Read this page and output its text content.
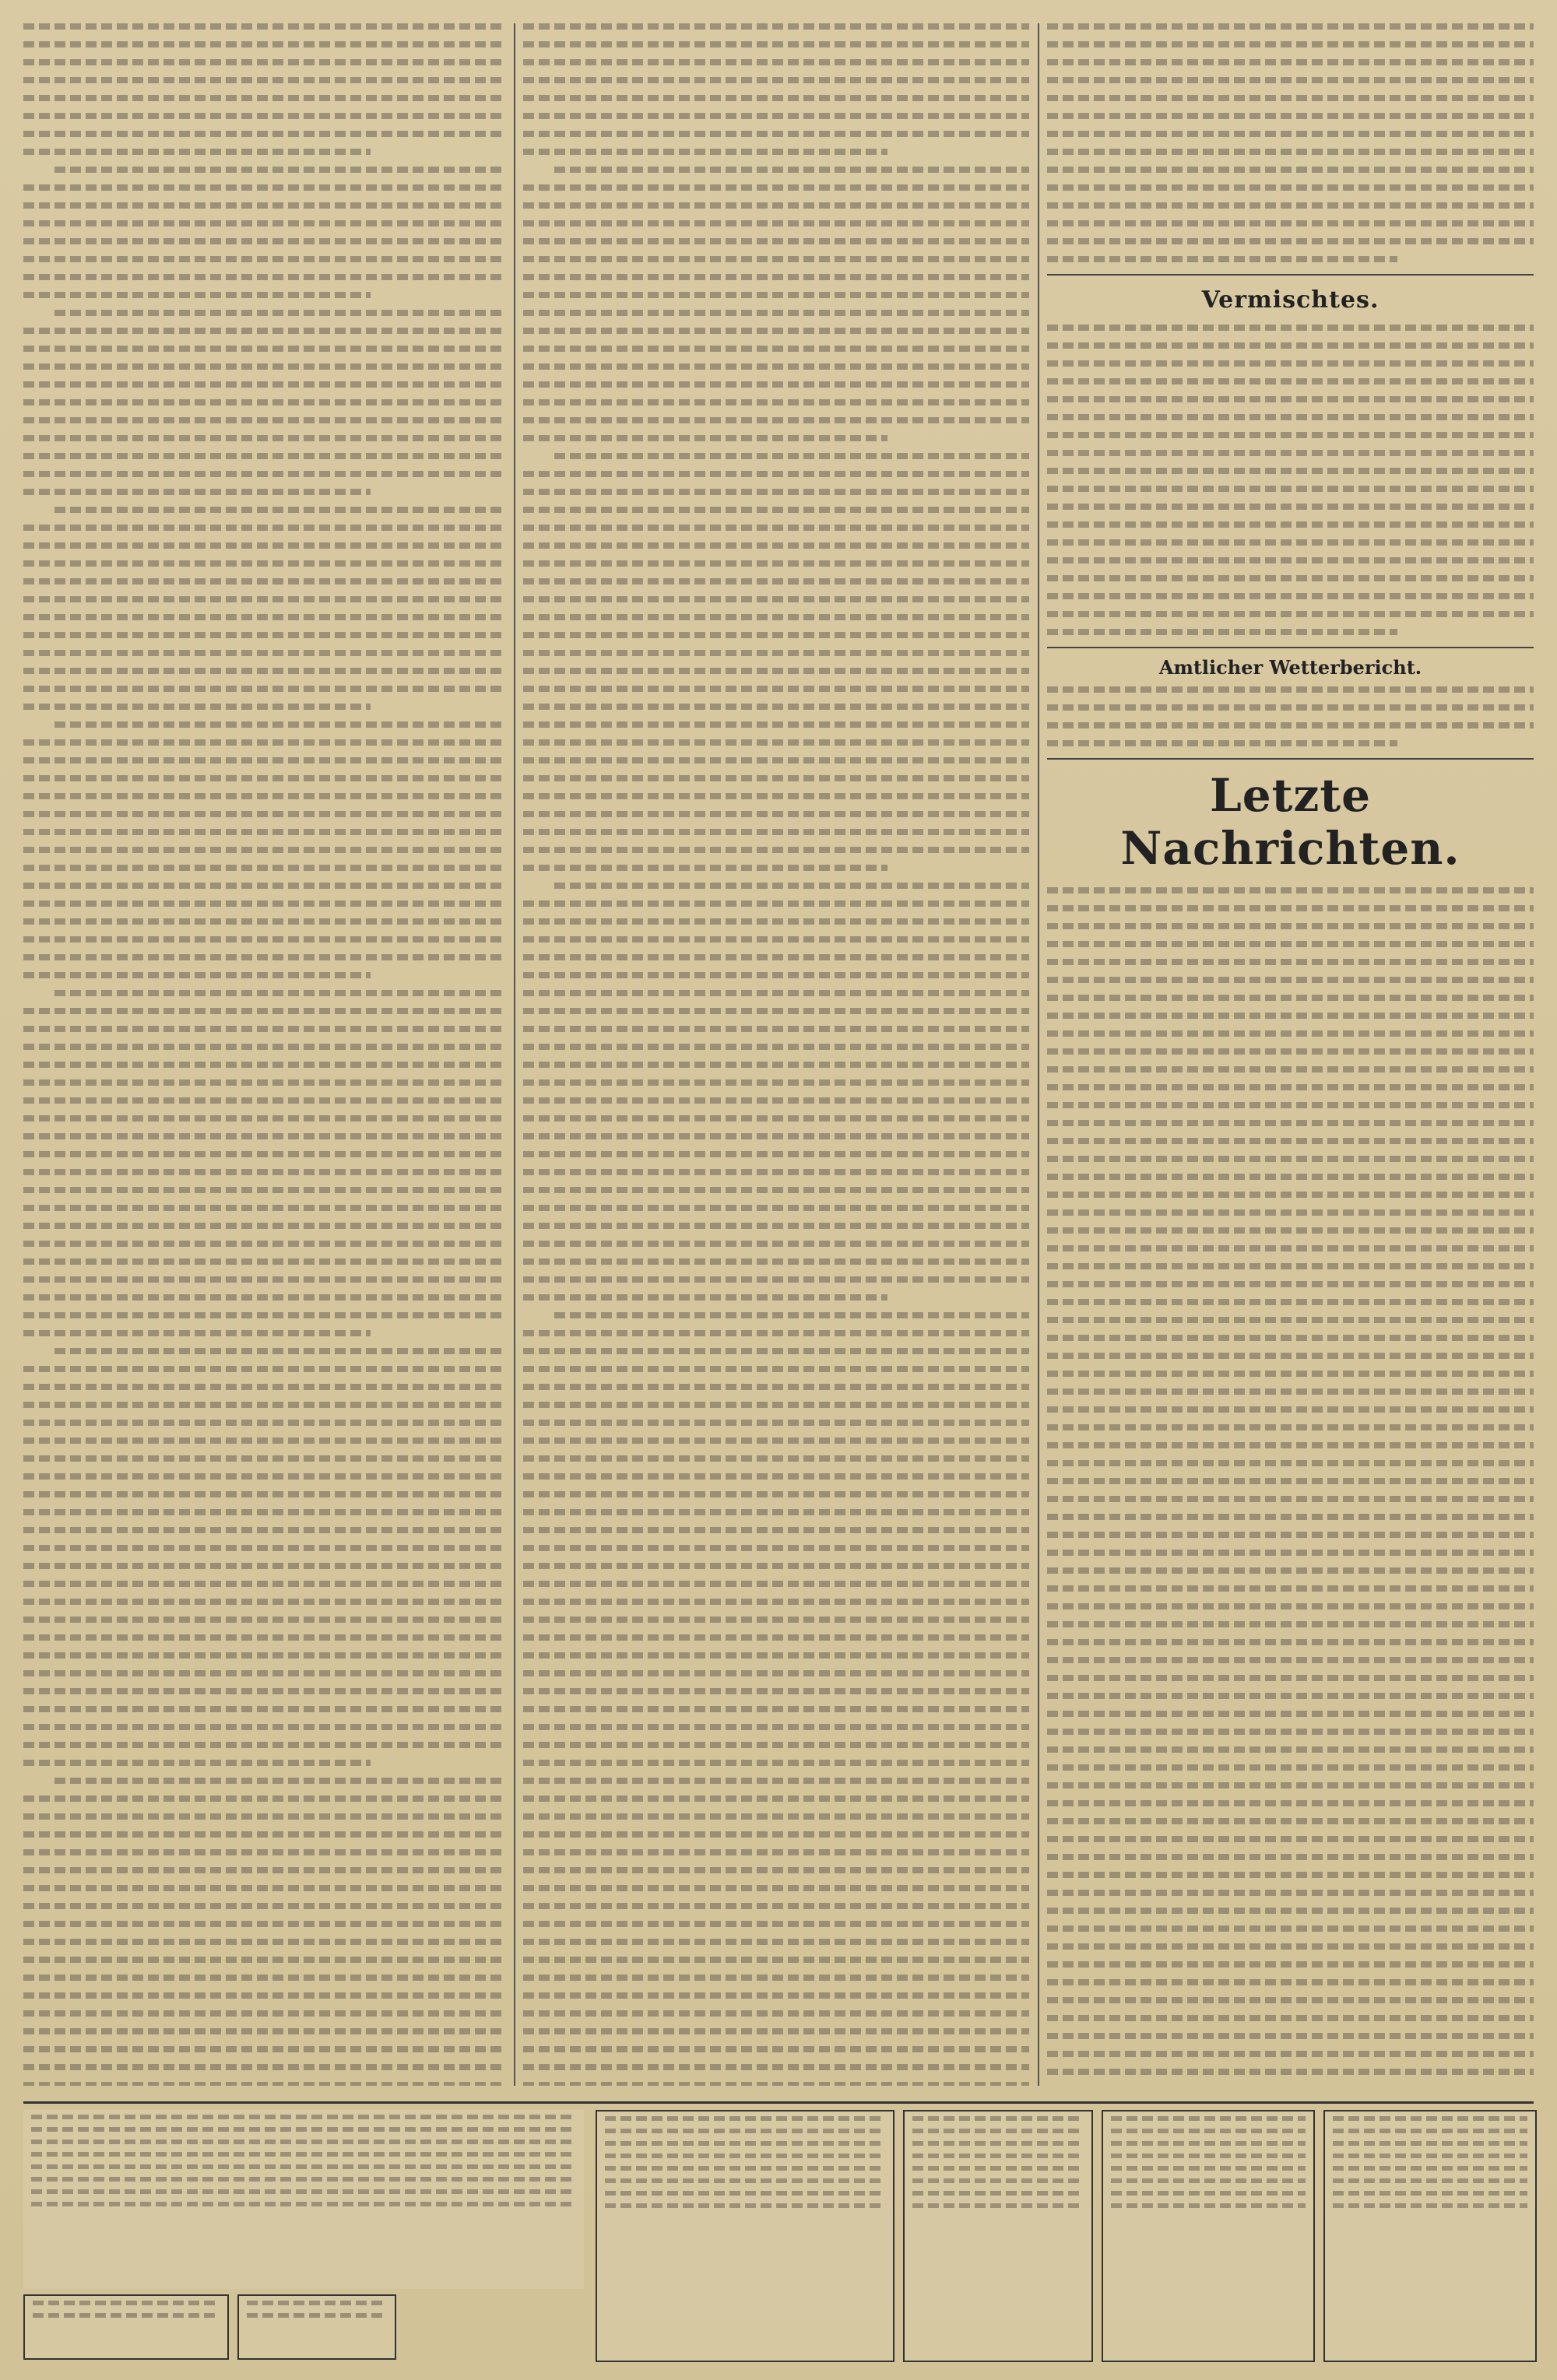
Vermischtes.
Amtlicher Wetterbericht.
Letzte Nachrichten.
